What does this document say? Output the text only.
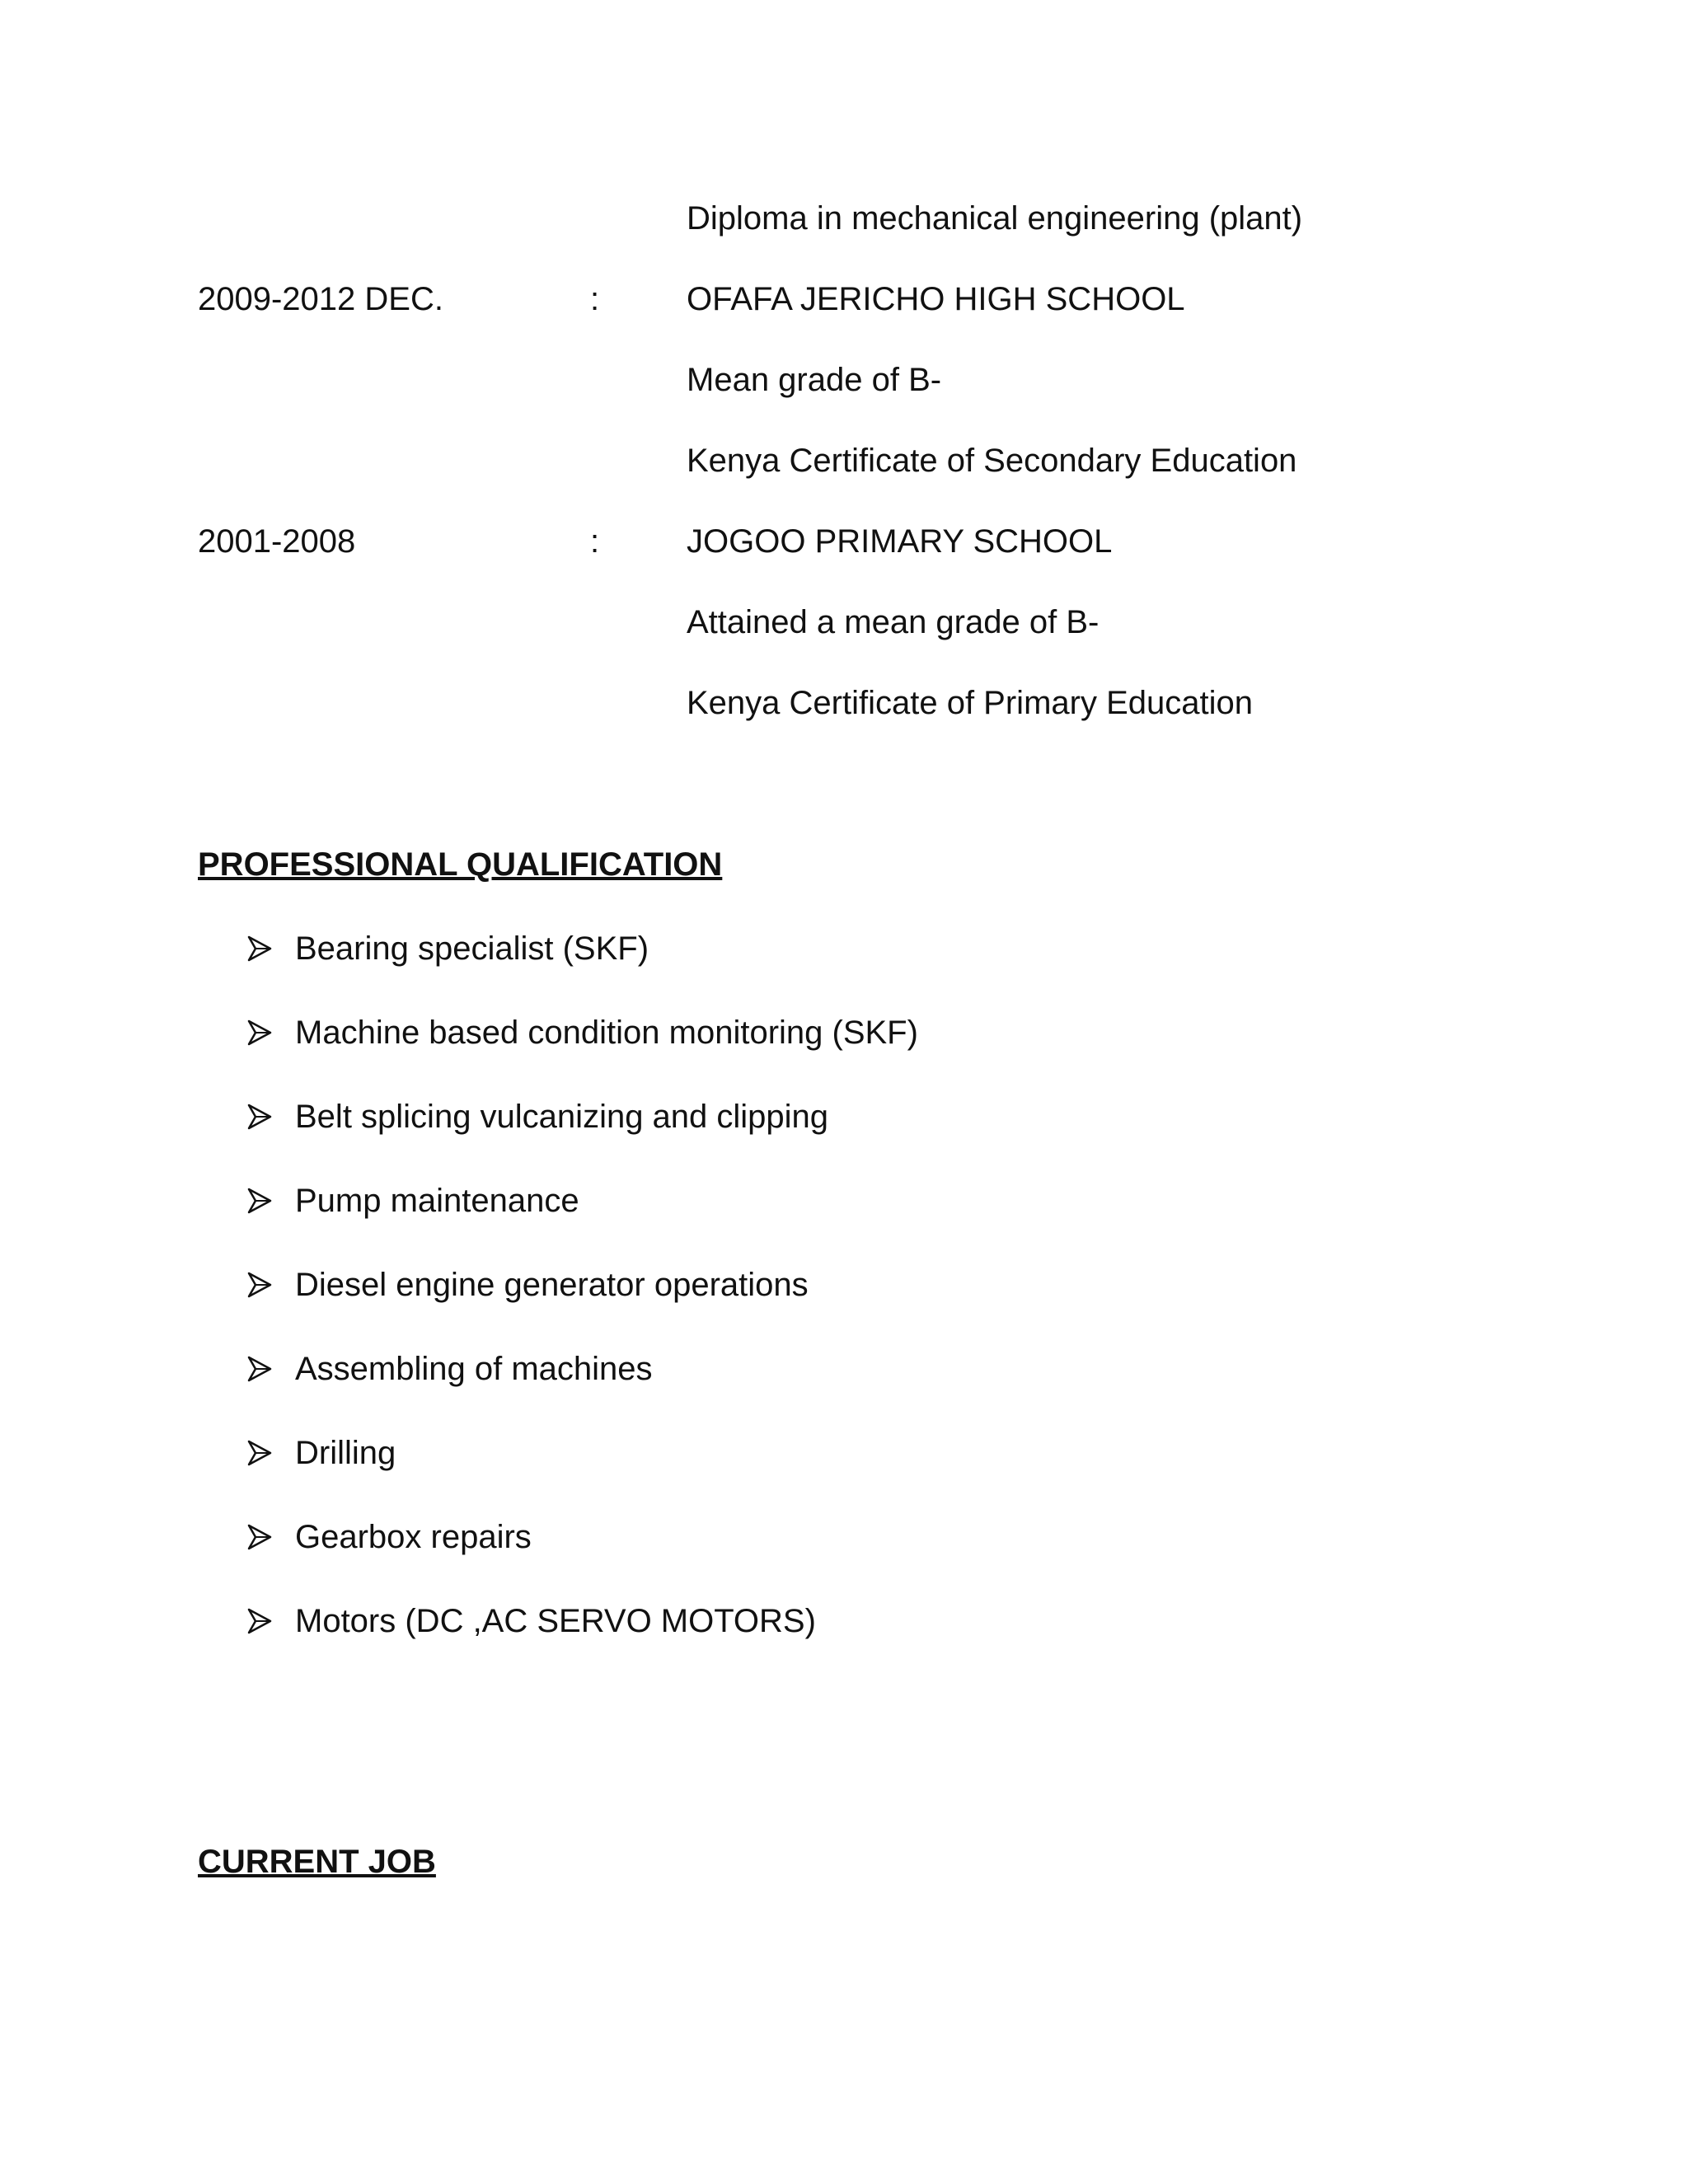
Diploma in mechanical engineering (plant)
2009-2012 DEC.	:	OFAFA JERICHO HIGH SCHOOL
Mean grade of B-
Kenya Certificate of Secondary Education
2001-2008	:	JOGOO PRIMARY SCHOOL
Attained a mean grade of B-
Kenya Certificate of Primary Education
PROFESSIONAL QUALIFICATION
Bearing specialist (SKF)
Machine based condition monitoring (SKF)
Belt splicing vulcanizing and clipping
Pump maintenance
Diesel engine generator operations
Assembling of machines
Drilling
Gearbox repairs
Motors (DC ,AC SERVO MOTORS)
CURRENT JOB
